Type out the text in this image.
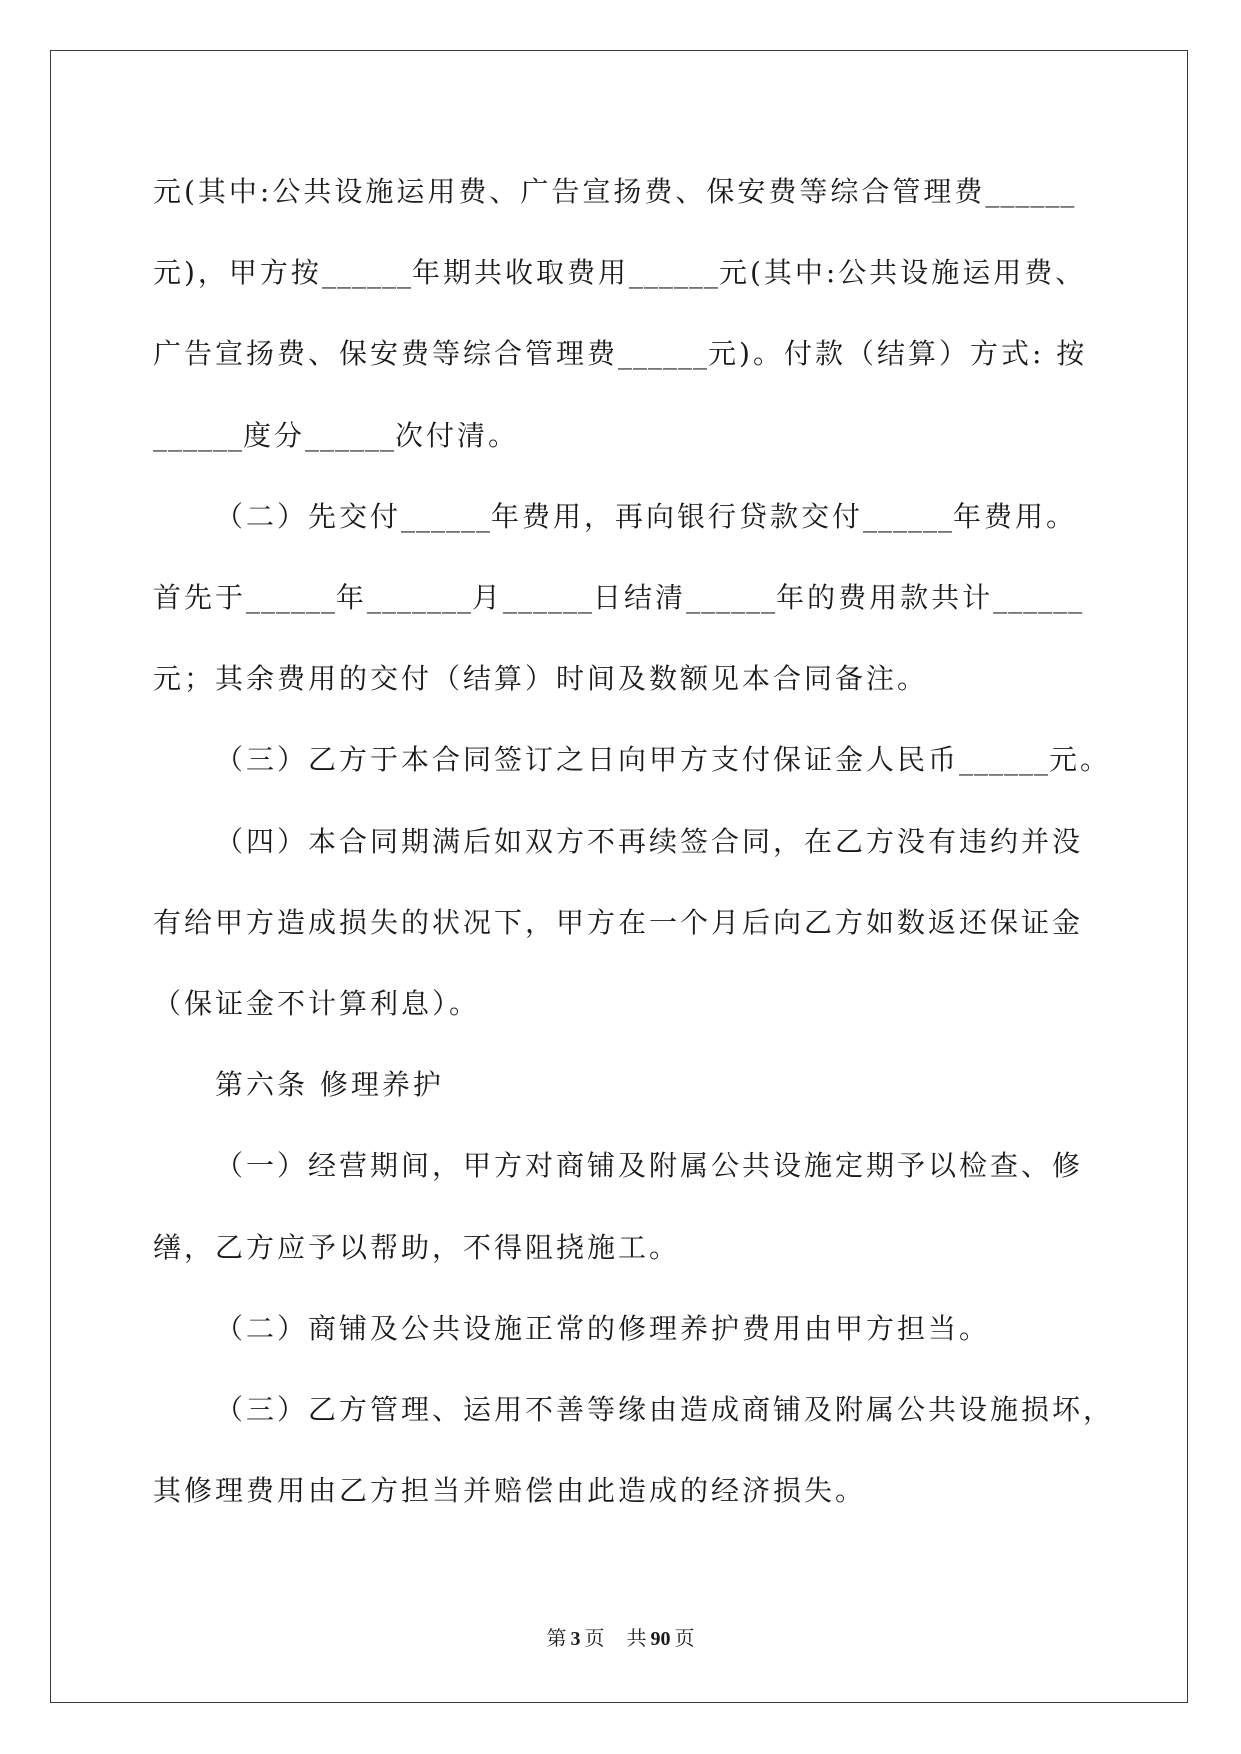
元(其中:公共设施运用费、广告宣扬费、保安费等综合管理费______
元)，甲方按______年期共收取费用______元(其中:公共设施运用费、
广告宣扬费、保安费等综合管理费______元)。付款（结算）方式: 按
______度分______次付清。
（二）先交付______年费用，再向银行贷款交付______年费用。
首先于______年_______月______日结清______年的费用款共计______
元；其余费用的交付（结算）时间及数额见本合同备注。
（三）乙方于本合同签订之日向甲方支付保证金人民币______元。
（四）本合同期满后如双方不再续签合同，在乙方没有违约并没
有给甲方造成损失的状况下，甲方在一个月后向乙方如数返还保证金
（保证金不计算利息）。
第六条 修理养护
（一）经营期间，甲方对商铺及附属公共设施定期予以检查、修
缮，乙方应予以帮助，不得阻挠施工。
（二）商铺及公共设施正常的修理养护费用由甲方担当。
（三）乙方管理、运用不善等缘由造成商铺及附属公共设施损坏，
其修理费用由乙方担当并赔偿由此造成的经济损失。
第 3 页 共 90 页
